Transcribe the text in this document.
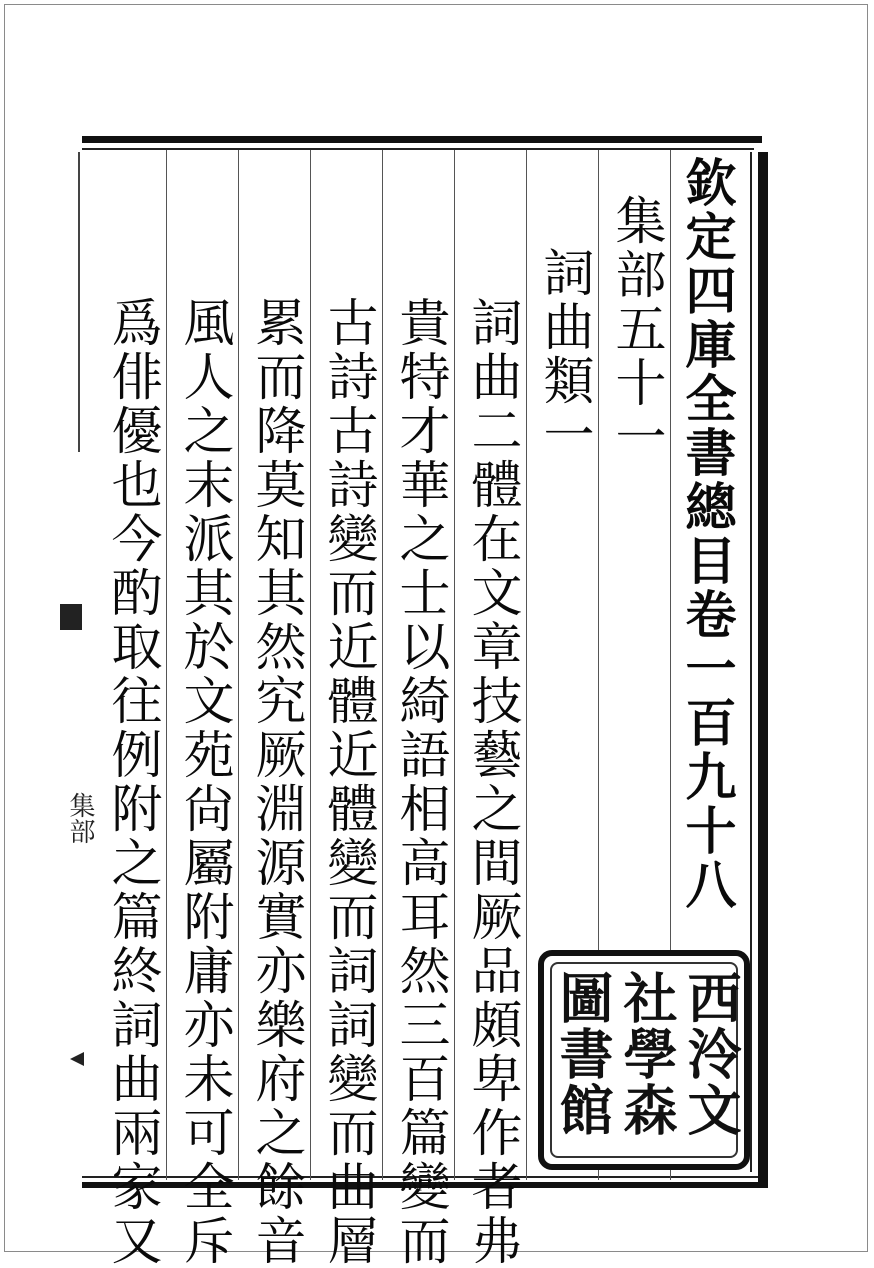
集部	欽定四庫全書總目卷一百九十八
集部五十一
詞曲類一
詞曲二體在文章技藝之間厥品頗卑作者弗
貴特才華之士以綺語相高耳然三百篇變而
古詩古詩變而近體近體變而詞詞變而曲層
累而降莫知其然究厥淵源實亦樂府之餘音
風人之末派其於文苑尙屬附庸亦未可全斥
爲俳優也今酌取往例附之篇終詞曲兩家又	西泠文
社學森
圖書館
